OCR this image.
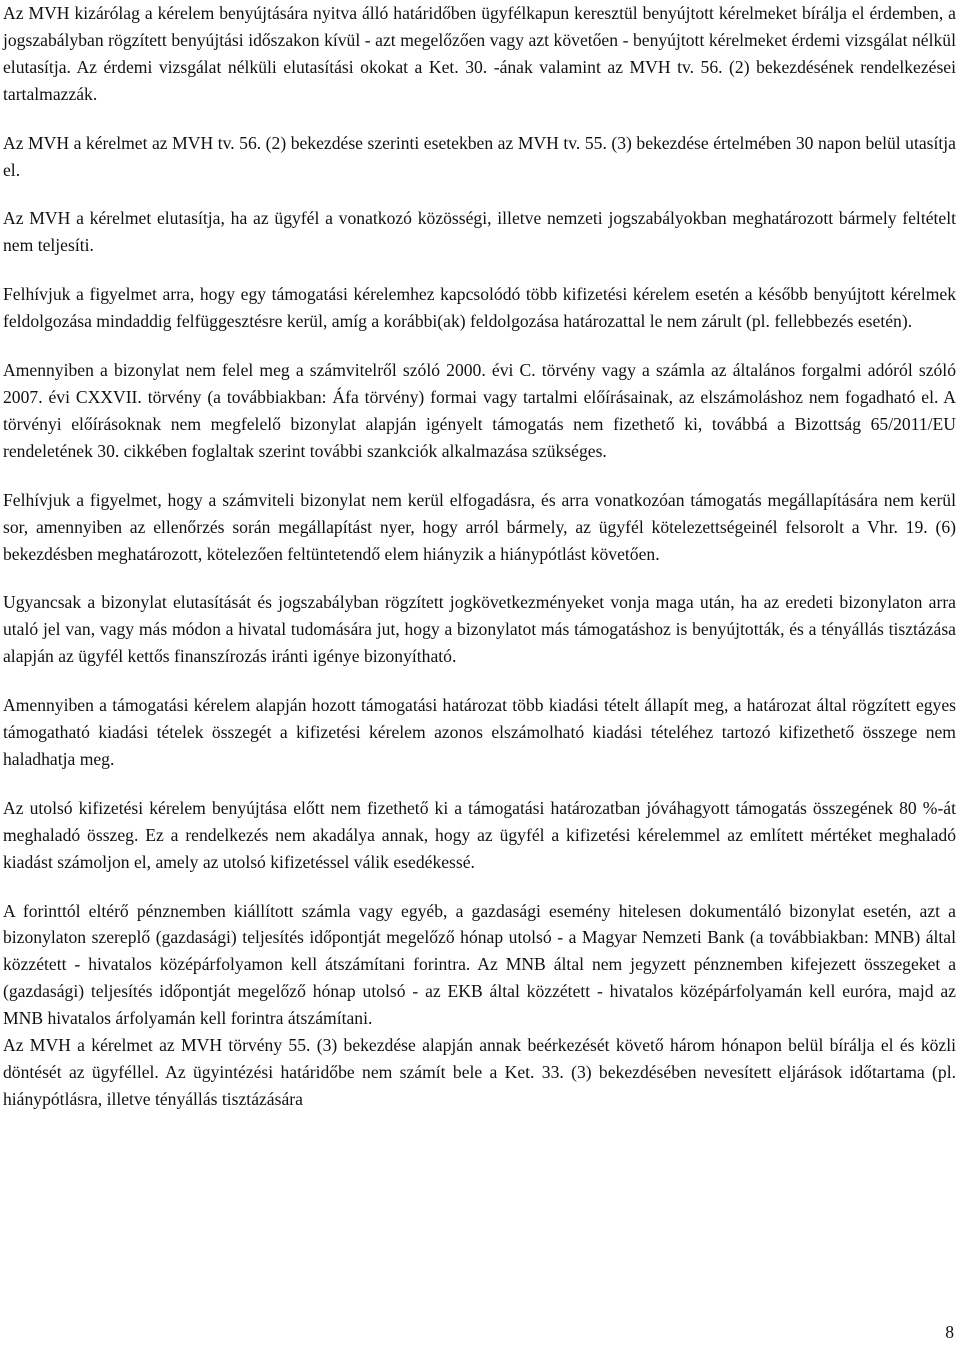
Az MVH kizárólag a kérelem benyújtására nyitva álló határidőben ügyfélkapun keresztül benyújtott kérelmeket bírálja el érdemben, a jogszabályban rögzített benyújtási időszakon kívül - azt megelőzően vagy azt követően - benyújtott kérelmeket érdemi vizsgálat nélkül elutasítja. Az érdemi vizsgálat nélküli elutasítási okokat a Ket. 30. -ának valamint az MVH tv. 56. (2) bekezdésének rendelkezései tartalmazzák.

Az MVH a kérelmet az MVH tv. 56. (2) bekezdése szerinti esetekben az MVH tv. 55. (3) bekezdése értelmében 30 napon belül utasítja el.

Az MVH a kérelmet elutasítja, ha az ügyfél a vonatkozó közösségi, illetve nemzeti jogszabályokban meghatározott bármely feltételt nem teljesíti.

Felhívjuk a figyelmet arra, hogy egy támogatási kérelemhez kapcsolódó több kifizetési kérelem esetén a később benyújtott kérelmek feldolgozása mindaddig felfüggesztésre kerül, amíg a korábbi(ak) feldolgozása határozattal le nem zárult (pl. fellebbezés esetén).

Amennyiben a bizonylat nem felel meg a számvitelről szóló 2000. évi C. törvény vagy a számla az általános forgalmi adóról szóló 2007. évi CXXVII. törvény (a továbbiakban: Áfa törvény) formai vagy tartalmi előírásainak, az elszámoláshoz nem fogadható el. A törvényi előírásoknak nem megfelelő bizonylat alapján igényelt támogatás nem fizethető ki, továbbá a Bizottság 65/2011/EU rendeletének 30. cikkében foglaltak szerint további szankciók alkalmazása szükséges.

Felhívjuk a figyelmet, hogy a számviteli bizonylat nem kerül elfogadásra, és arra vonatkozóan támogatás megállapítására nem kerül sor, amennyiben az ellenőrzés során megállapítást nyer, hogy arról bármely, az ügyfél kötelezettségeinél felsorolt a Vhr. 19. (6) bekezdésben meghatározott, kötelezően feltüntetendő elem hiányzik a hiánypótlást követően.

Ugyancsak a bizonylat elutasítását és jogszabályban rögzített jogkövetkezményeket vonja maga után, ha az eredeti bizonylaton arra utaló jel van, vagy más módon a hivatal tudomására jut, hogy a bizonylatot más támogatáshoz is benyújtották, és a tényállás tisztázása alapján az ügyfél kettős finanszírozás iránti igénye bizonyítható.

Amennyiben a támogatási kérelem alapján hozott támogatási határozat több kiadási tételt állapít meg, a határozat által rögzített egyes támogatható kiadási tételek összegét a kifizetési kérelem azonos elszámolható kiadási tételéhez tartozó kifizethető összege nem haladhatja meg.

Az utolsó kifizetési kérelem benyújtása előtt nem fizethető ki a támogatási határozatban jóváhagyott támogatás összegének 80 %-át meghaladó összeg. Ez a rendelkezés nem akadálya annak, hogy az ügyfél a kifizetési kérelemmel az említett mértéket meghaladó kiadást számoljon el, amely az utolsó kifizetéssel válik esedékessé.

A forinttól eltérő pénznemben kiállított számla vagy egyéb, a gazdasági esemény hitelesen dokumentáló bizonylat esetén, azt a bizonylaton szereplő (gazdasági) teljesítés időpontját megelőző hónap utolsó - a Magyar Nemzeti Bank (a továbbiakban: MNB) által közzétett - hivatalos középárfolyamon kell átszámítani forintra. Az MNB által nem jegyzett pénznemben kifejezett összegeket a (gazdasági) teljesítés időpontját megelőző hónap utolsó - az EKB által közzétett - hivatalos középárfolyamán kell euróra, majd az MNB hivatalos árfolyamán kell forintra átszámítani.

Az MVH a kérelmet az MVH törvény 55. (3) bekezdése alapján annak beérkezését követő három hónapon belül bírálja el és közli döntését az ügyféllel. Az ügyintézési határidőbe nem számít bele a Ket. 33. (3) bekezdésében nevesített eljárások időtartama (pl. hiánypótlásra, illetve tényállás tisztázására

8
